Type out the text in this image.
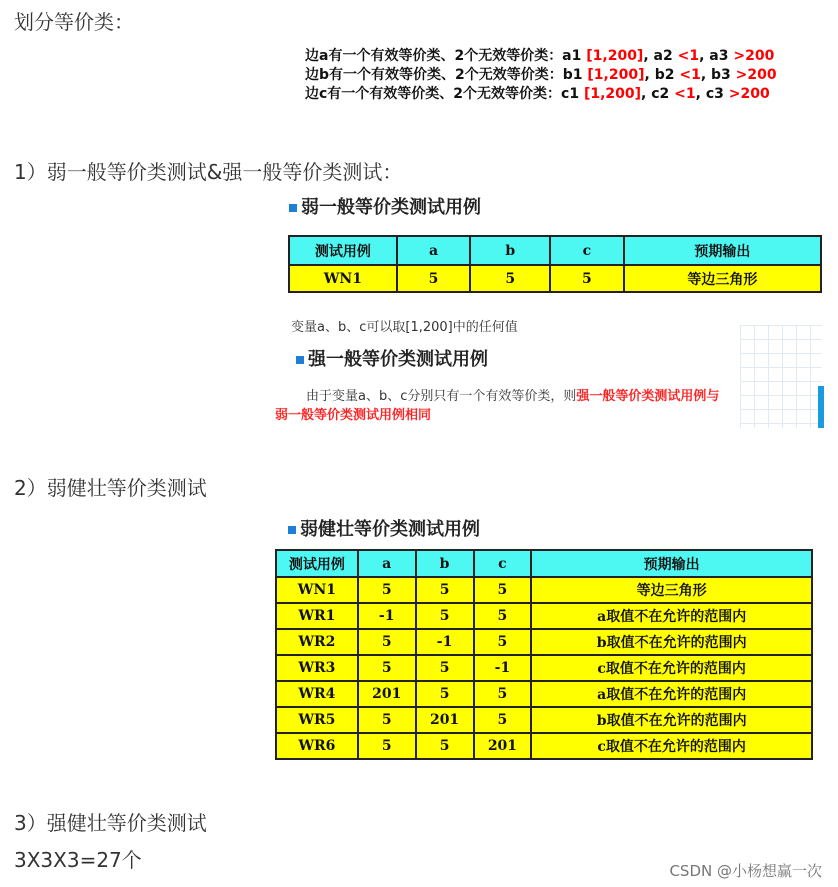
划分等价类：
边a有一个有效等价类、2个无效等价类：a1 [1,200], a2 <1, a3 >200
边b有一个有效等价类、2个无效等价类：b1 [1,200], b2 <1, b3 >200
边c有一个有效等价类、2个无效等价类：c1 [1,200], c2 <1, c3 >200
1）弱一般等价类测试&强一般等价类测试：
弱一般等价类测试用例
测试用例	a	b	c	预期输出
WN1	5	5	5	等边三角形
变量a、b、c可以取[1,200]中的任何值
强一般等价类测试用例
由于变量a、b、c分别只有一个有效等价类，则强一般等价类测试用例与
弱一般等价类测试用例相同
2）弱健壮等价类测试
弱健壮等价类测试用例
测试用例	a	b	c	预期输出
WN1	5	5	5	等边三角形
WR1	-1	5	5	a取值不在允许的范围内
WR2	5	-1	5	b取值不在允许的范围内
WR3	5	5	-1	c取值不在允许的范围内
WR4	201	5	5	a取值不在允许的范围内
WR5	5	201	5	b取值不在允许的范围内
WR6	5	5	201	c取值不在允许的范围内
3）强健壮等价类测试
3X3X3=27个	CSDN @小杨想赢一次
